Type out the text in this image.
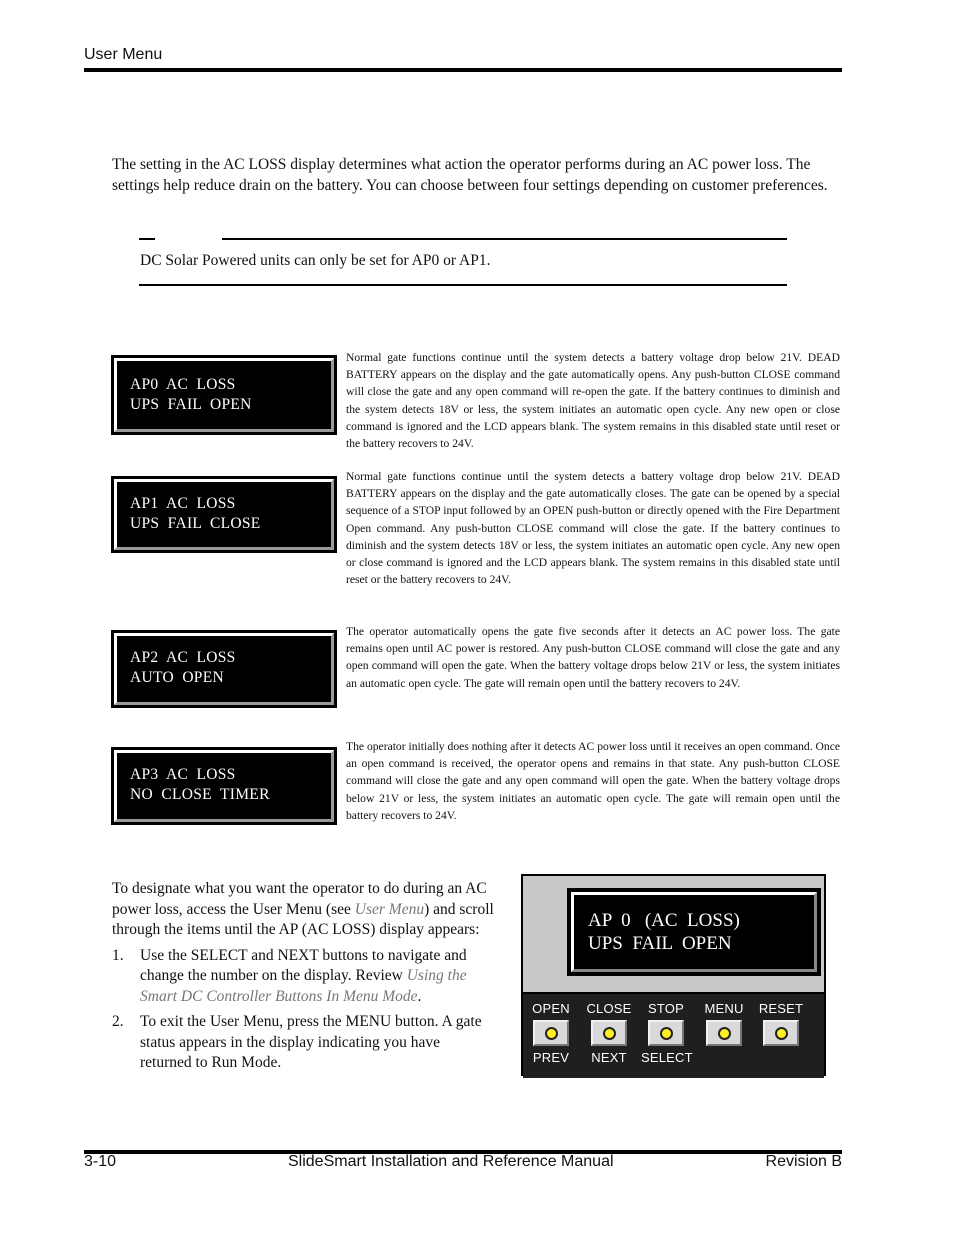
User Menu
The setting in the AC LOSS display determines what action the operator performs during an AC power loss. The settings help reduce drain on the battery. You can choose between four settings depending on customer preferences.
DC Solar Powered units can only be set for AP0 or AP1.
AP0  AC  LOSS
UPS  FAIL  OPEN
Normal gate functions continue until the system detects a battery voltage drop below 21V. DEAD BATTERY appears on the display and the gate automatically opens. Any push-button CLOSE command will close the gate and any open command will re-open the gate. If the battery continues to diminish and the system detects 18V or less, the system initiates an automatic open cycle. Any new open or close command is ignored and the LCD appears blank. The system remains in this disabled state until reset or the battery recovers to 24V.
AP1  AC  LOSS
UPS  FAIL  CLOSE
Normal gate functions continue until the system detects a battery voltage drop below 21V. DEAD BATTERY appears on the display and the gate automatically closes. The gate can be opened by a special sequence of a STOP input followed by an OPEN push-button or directly opened with the Fire Department Open command. Any push-button CLOSE command will close the gate. If the battery continues to diminish and the system detects 18V or less, the system initiates an automatic open cycle. Any new open or close command is ignored and the LCD appears blank. The system remains in this disabled state until reset or the battery recovers to 24V.
AP2  AC  LOSS
AUTO  OPEN
The operator automatically opens the gate five seconds after it detects an AC power loss. The gate remains open until AC power is restored. Any push-button CLOSE command will close the gate and any open command will open the gate. When the battery voltage drops below 21V or less, the system initiates an automatic open cycle. The gate will remain open until the battery recovers to 24V.
AP3  AC  LOSS
NO  CLOSE  TIMER
The operator initially does nothing after it detects AC power loss until it receives an open command. Once an open command is received, the operator opens and remains in that state. Any push-button CLOSE command will close the gate and any open command will open the gate. When the battery voltage drops below 21V or less, the system initiates an automatic open cycle. The gate will remain open until the battery recovers to 24V.

To designate what you want the operator to do during an AC power loss, access the User Menu (see User Menu) and scroll through the items until the AP (AC LOSS) display appears:

1. Use the SELECT and NEXT buttons to navigate and change the number on the display. Review Using the Smart DC Controller Buttons In Menu Mode.
2. To exit the User Menu, press the MENU button. A gate status appears in the display indicating you have returned to Run Mode.
AP  0   (AC  LOSS)
UPS  FAIL  OPEN
OPEN
PREV
CLOSE
NEXT
STOP
SELECT
MENU	RESET
3-10	SlideSmart Installation and Reference Manual	Revision B
